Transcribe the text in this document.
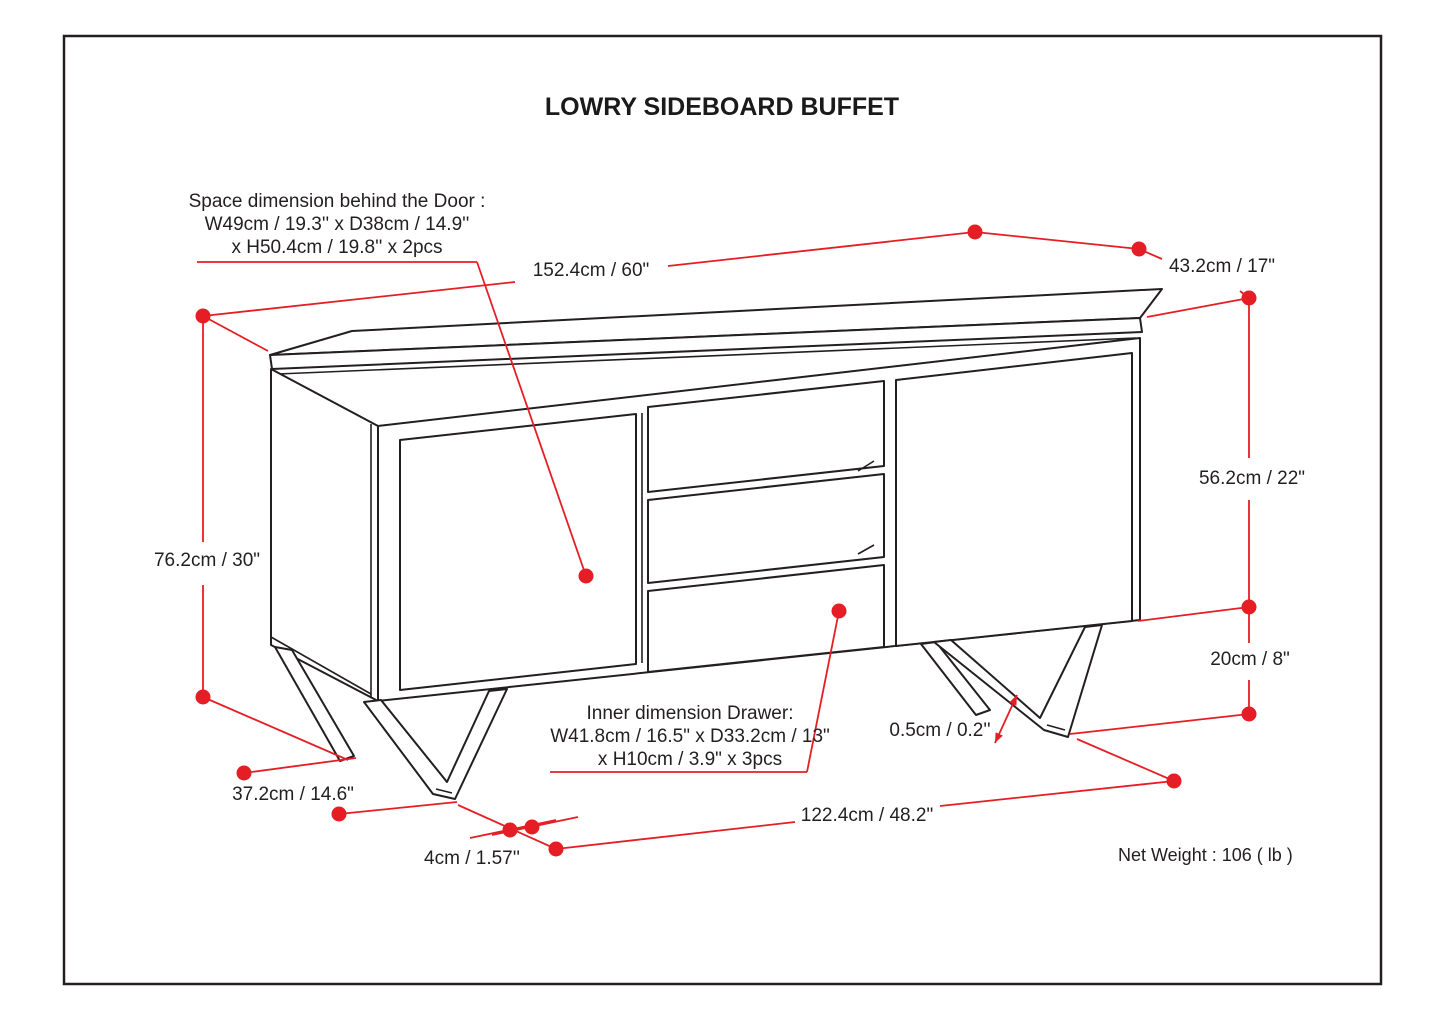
LOWRY SIDEBOARD BUFFET
152.4cm / 60"	43.2cm / 17"
56.2cm / 22"
20cm / 8"
76.2cm / 30"
37.2cm / 14.6"
4cm / 1.57''
0.5cm / 0.2''
122.4cm / 48.2"
Space dimension behind the Door :
W49cm / 19.3'' x D38cm / 14.9''
x H50.4cm / 19.8'' x 2pcs
Inner dimension Drawer:
W41.8cm / 16.5" x D33.2cm / 13"
x H10cm / 3.9" x 3pcs
Net Weight : 106 ( lb )
